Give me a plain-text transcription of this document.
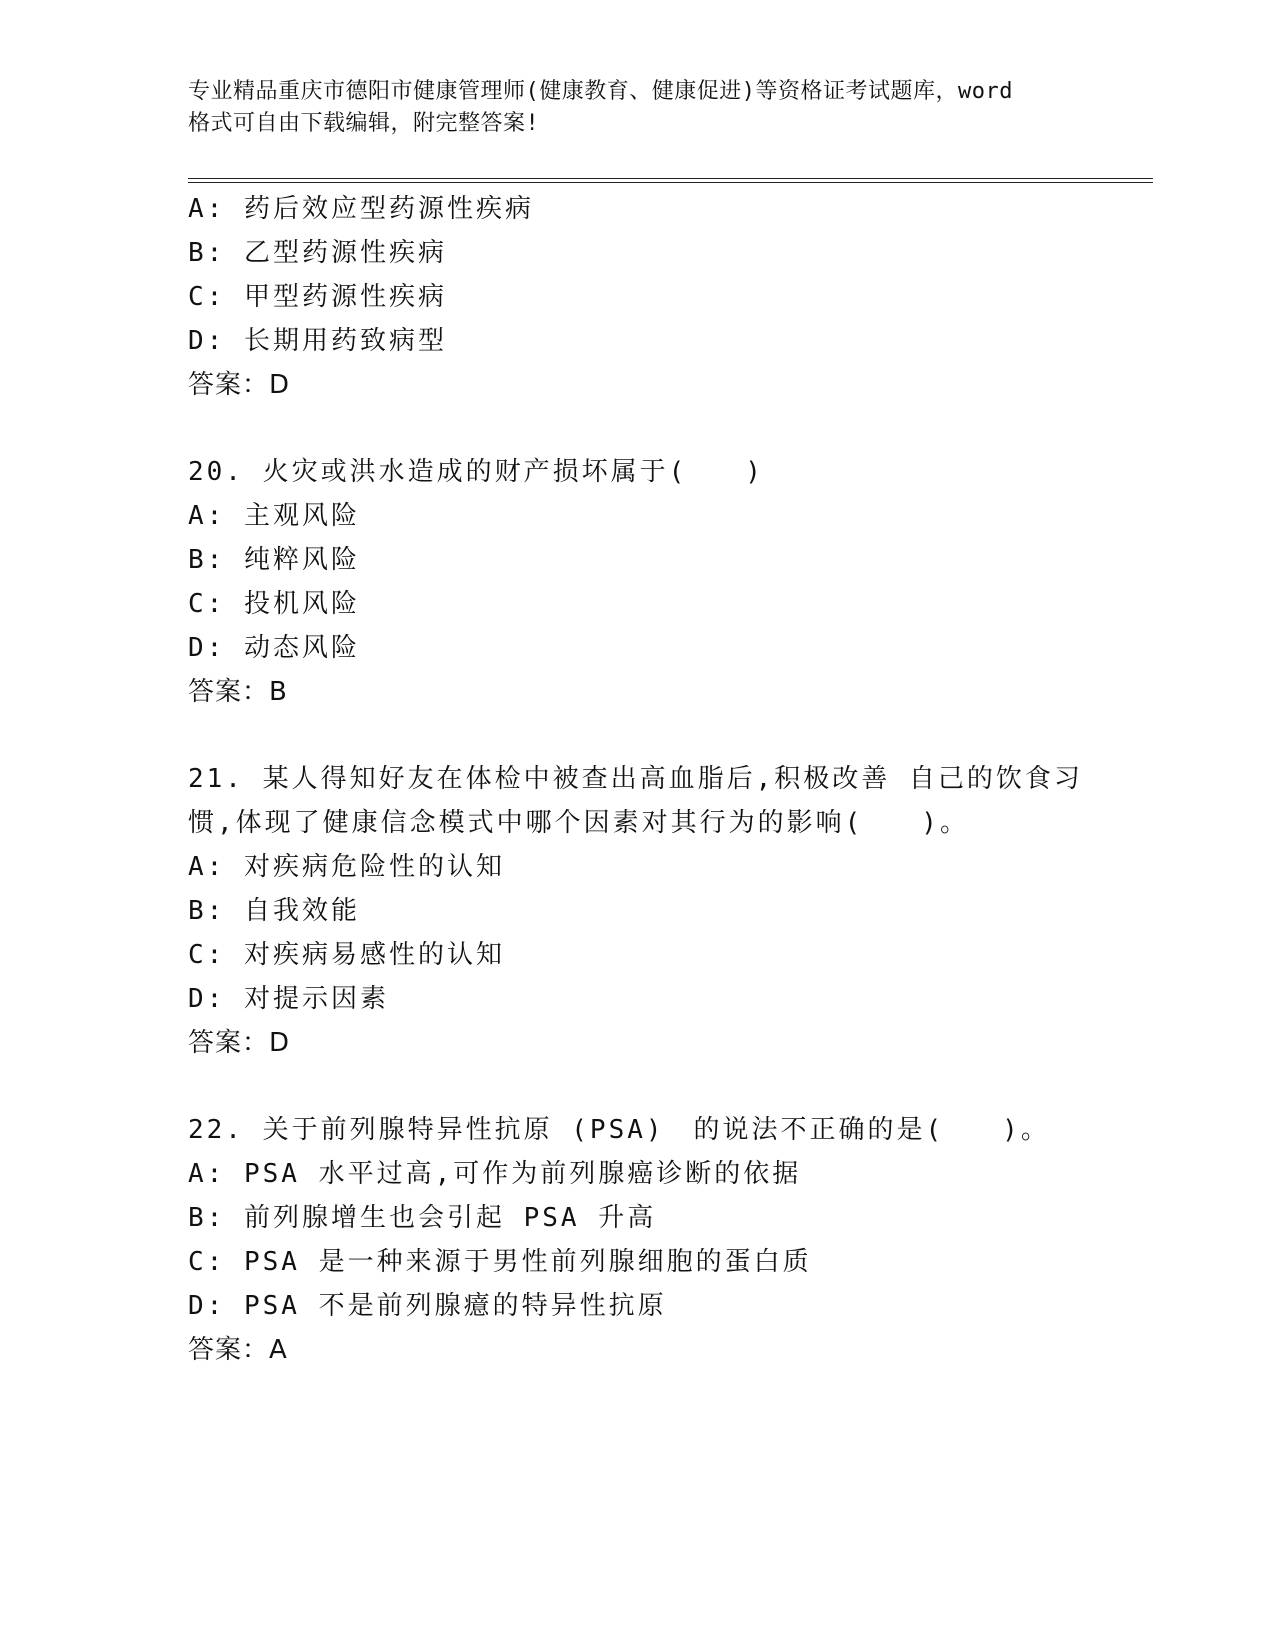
专业精品重庆市德阳市健康管理师(健康教育、健康促进)等资格证考试题库，word
格式可自由下载编辑，附完整答案!
A: 药后效应型药源性疾病
B: 乙型药源性疾病
C: 甲型药源性疾病
D: 长期用药致病型
答案：D
20. 火灾或洪水造成的财产损坏属于(　　)
A: 主观风险
B: 纯粹风险
C: 投机风险
D: 动态风险
答案：B
21. 某人得知好友在体检中被查出高血脂后,积极改善 自己的饮食习
惯,体现了健康信念模式中哪个因素对其行为的影响(　　)。
A: 对疾病危险性的认知
B: 自我效能
C: 对疾病易感性的认知
D: 对提示因素
答案：D
22. 关于前列腺特异性抗原 (PSA)　的说法不正确的是(　　)。
A: PSA 水平过高,可作为前列腺癌诊断的依据
B: 前列腺增生也会引起 PSA 升高
C: PSA 是一种来源于男性前列腺细胞的蛋白质
D: PSA 不是前列腺癔的特异性抗原
答案：A
